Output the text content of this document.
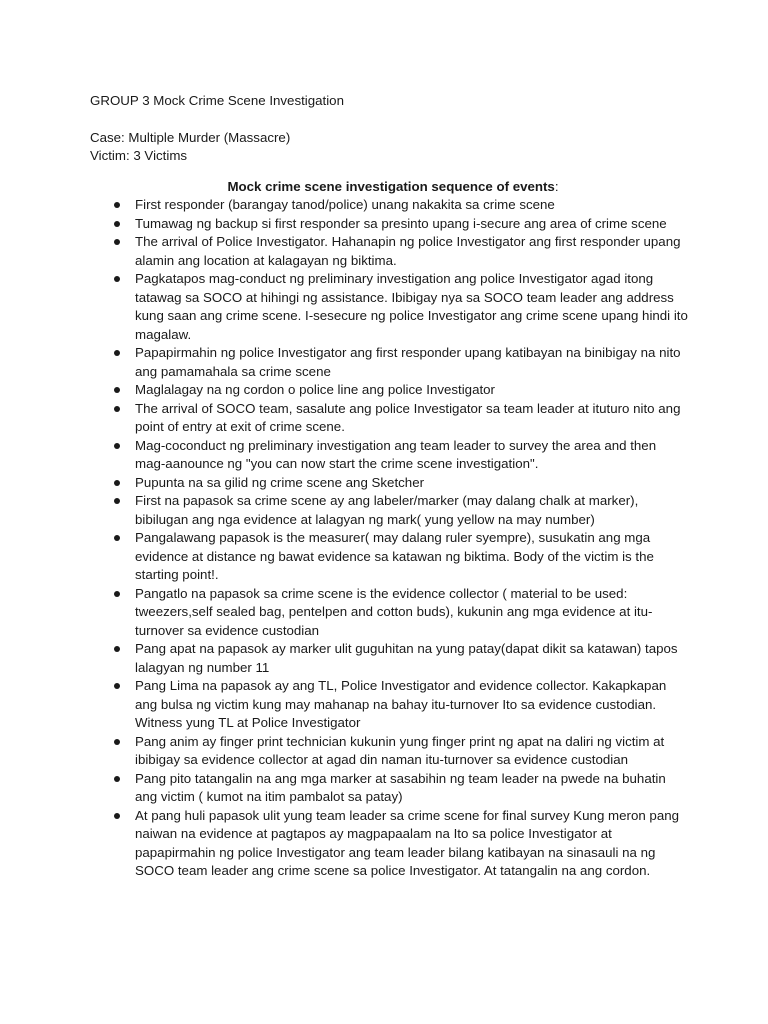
GROUP 3 Mock Crime Scene Investigation

Case: Multiple Murder (Massacre)

Victim: 3 Victims

Mock crime scene investigation sequence of events:

First responder (barangay tanod/police) unang nakakita sa crime scene
Tumawag ng backup si first responder sa presinto upang i-secure ang area of crime scene
The arrival of Police Investigator. Hahanapin ng police Investigator ang first responder upang alamin ang location at kalagayan ng biktima.
Pagkatapos mag-conduct ng preliminary investigation ang police Investigator agad itong tatawag sa SOCO at hihingi ng assistance. Ibibigay nya sa SOCO team leader ang address kung saan ang crime scene. I-sesecure ng police Investigator ang crime scene upang hindi ito magalaw.
Papapirmahin ng police Investigator ang first responder upang katibayan na binibigay na nito ang pamamahala sa crime scene
Maglalagay na ng cordon o police line ang police Investigator
The arrival of SOCO team, sasalute ang police Investigator sa team leader at ituturo nito ang point of entry at exit of crime scene.
Mag-coconduct ng preliminary investigation ang team leader to survey the area and then mag-aanounce ng "you can now start the crime scene investigation".
Pupunta na sa gilid ng crime scene ang Sketcher
First na papasok sa crime scene ay ang labeler/marker (may dalang chalk at marker), bibilugan ang nga evidence at lalagyan ng mark( yung yellow na may number)
Pangalawang papasok is the measurer( may dalang ruler syempre), susukatin ang mga evidence at distance ng bawat evidence sa katawan ng biktima. Body of the victim is the starting point!.
Pangatlo na papasok sa crime scene is the evidence collector ( material to be used: tweezers,self sealed bag, pentelpen and cotton buds), kukunin ang mga evidence at itu-turnover sa evidence custodian
Pang apat na papasok ay marker ulit guguhitan na yung patay(dapat dikit sa katawan) tapos lalagyan ng number 11
Pang Lima na papasok ay ang TL, Police Investigator and evidence collector. Kakapkapan ang bulsa ng victim kung may mahanap na bahay itu-turnover Ito sa evidence custodian. Witness yung TL at Police Investigator
Pang anim ay finger print technician kukunin yung finger print ng apat na daliri ng victim at ibibigay sa evidence collector at agad din naman itu-turnover sa evidence custodian
Pang pito tatangalin na ang mga marker at sasabihin ng team leader na pwede na buhatin ang victim ( kumot na itim pambalot sa patay)
At pang huli papasok ulit yung team leader sa crime scene for final survey Kung meron pang naiwan na evidence at pagtapos ay magpapaalam na Ito sa police Investigator at papapirmahin ng police Investigator ang team leader bilang katibayan na sinasauli na ng SOCO team leader ang crime scene sa police Investigator. At tatangalin na ang cordon.
